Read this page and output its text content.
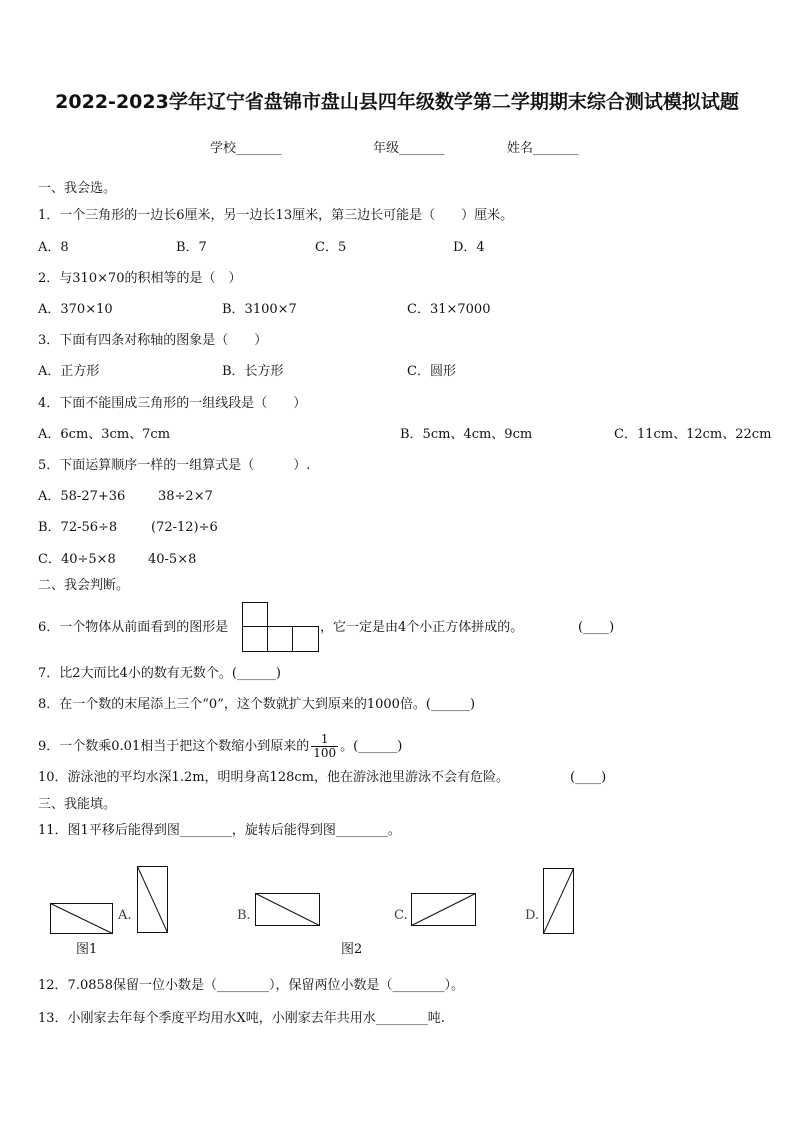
2022-2023学年辽宁省盘锦市盘山县四年级数学第二学期期末综合测试模拟试题
学校_______	年级_______	姓名_______
一、我会选。
1．一个三角形的一边长6厘米，另一边长13厘米，第三边长可能是（　　）厘米。
A．8	B．7	C．5	D．4
2．与310×70的积相等的是（　）
A．370×10	B．3100×7	C．31×7000
3．下面有四条对称轴的图象是（　　）
A．正方形	B．长方形	C．圆形
4．下面不能围成三角形的一组线段是（　　）
A．6cm、3cm、7cm	B．5cm、4cm、9cm	C．11cm、12cm、22cm
5．下面运算顺序一样的一组算式是（　　　）.
A．58-27+36	38÷2×7
B．72-56÷8	(72-12)÷6
C．40÷5×8 40-5×8
二、我会判断。
6．一个物体从前面看到的图形是	，它一定是由4个小正方体拼成的。	(____)
7．比2大而比4小的数有无数个。(______)
8．在一个数的末尾添上三个“0”，这个数就扩大到原来的1000倍。(______)
9．一个数乘0.01相当于把这个数缩小到原来的 $\frac{1}{100}$ 。(______)
10．游泳池的平均水深1.2m，明明身高128cm，他在游泳池里游泳不会有危险。	(____)
三、我能填。
11．图1平移后能得到图________，旋转后能得到图________。
A.
图1
B.
图2
C.	D.
12．7.0858保留一位小数是（________），保留两位小数是（________）。
13．小刚家去年每个季度平均用水X吨，小刚家去年共用水________吨.
